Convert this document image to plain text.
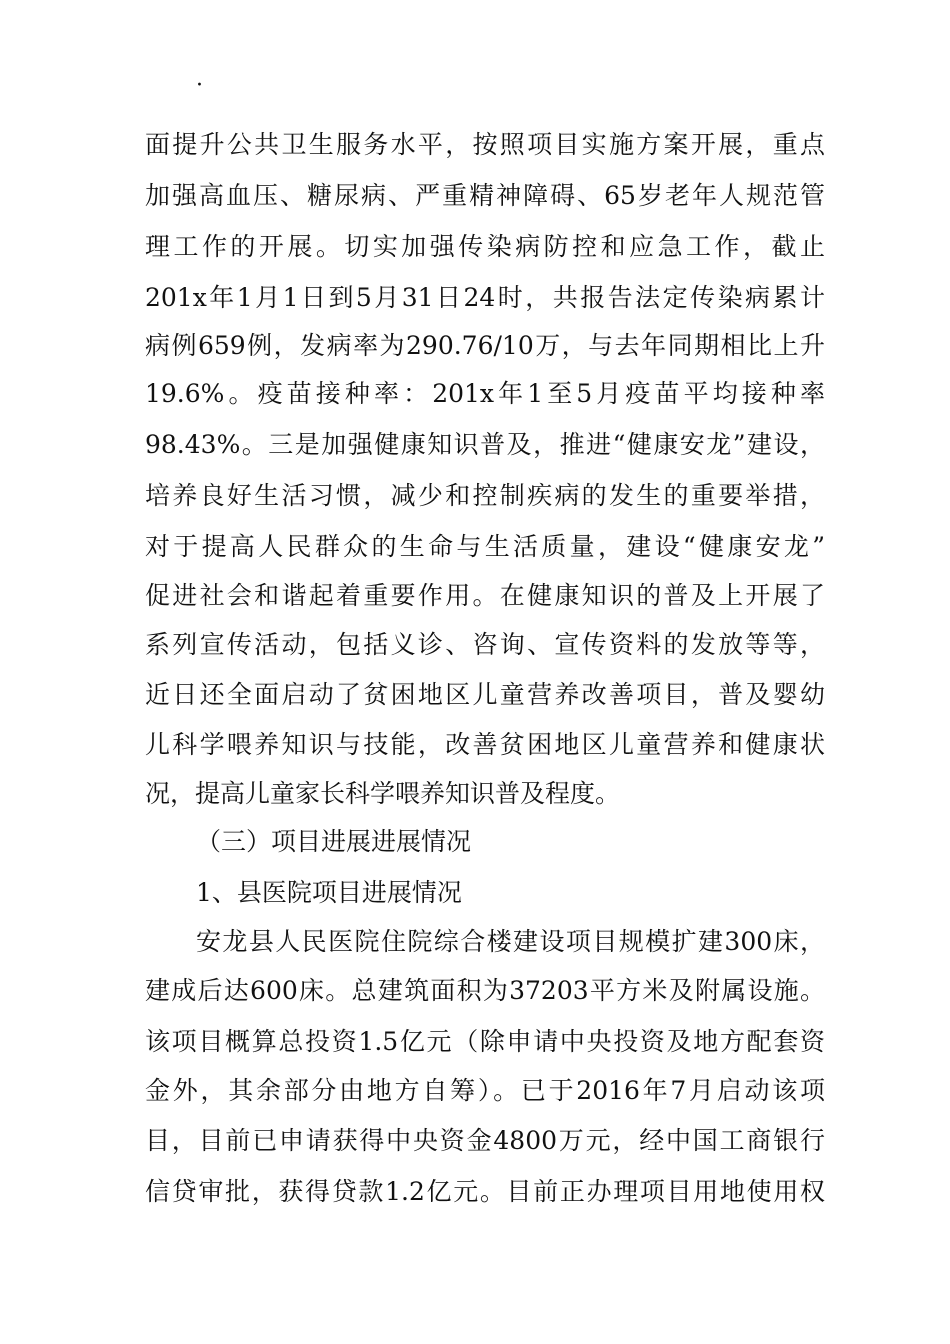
·
面提升公共卫生服务水平，按照项目实施方案开展，重点
加强高血压、糖尿病、严重精神障碍、65岁老年人规范管
理工作的开展。切实加强传染病防控和应急工作，截止
201x年1月1日到5月31日24时，共报告法定传染病累计
病例659例，发病率为290.76/10万，与去年同期相比上升
19.6%。疫苗接种率：201x年1至5月疫苗平均接种率
98.43%。三是加强健康知识普及，推进“健康安龙”建设，
培养良好生活习惯，减少和控制疾病的发生的重要举措，
对于提高人民群众的生命与生活质量，建设“健康安龙”
促进社会和谐起着重要作用。在健康知识的普及上开展了
系列宣传活动，包括义诊、咨询、宣传资料的发放等等，
近日还全面启动了贫困地区儿童营养改善项目，普及婴幼
儿科学喂养知识与技能，改善贫困地区儿童营养和健康状
况，提高儿童家长科学喂养知识普及程度。
（三）项目进展进展情况
1、县医院项目进展情况
安龙县人民医院住院综合楼建设项目规模扩建300床，
建成后达600床。总建筑面积为37203平方米及附属设施。
该项目概算总投资1.5亿元（除申请中央投资及地方配套资
金外，其余部分由地方自筹）。已于2016年7月启动该项
目，目前已申请获得中央资金4800万元，经中国工商银行
信贷审批，获得贷款1.2亿元。目前正办理项目用地使用权
